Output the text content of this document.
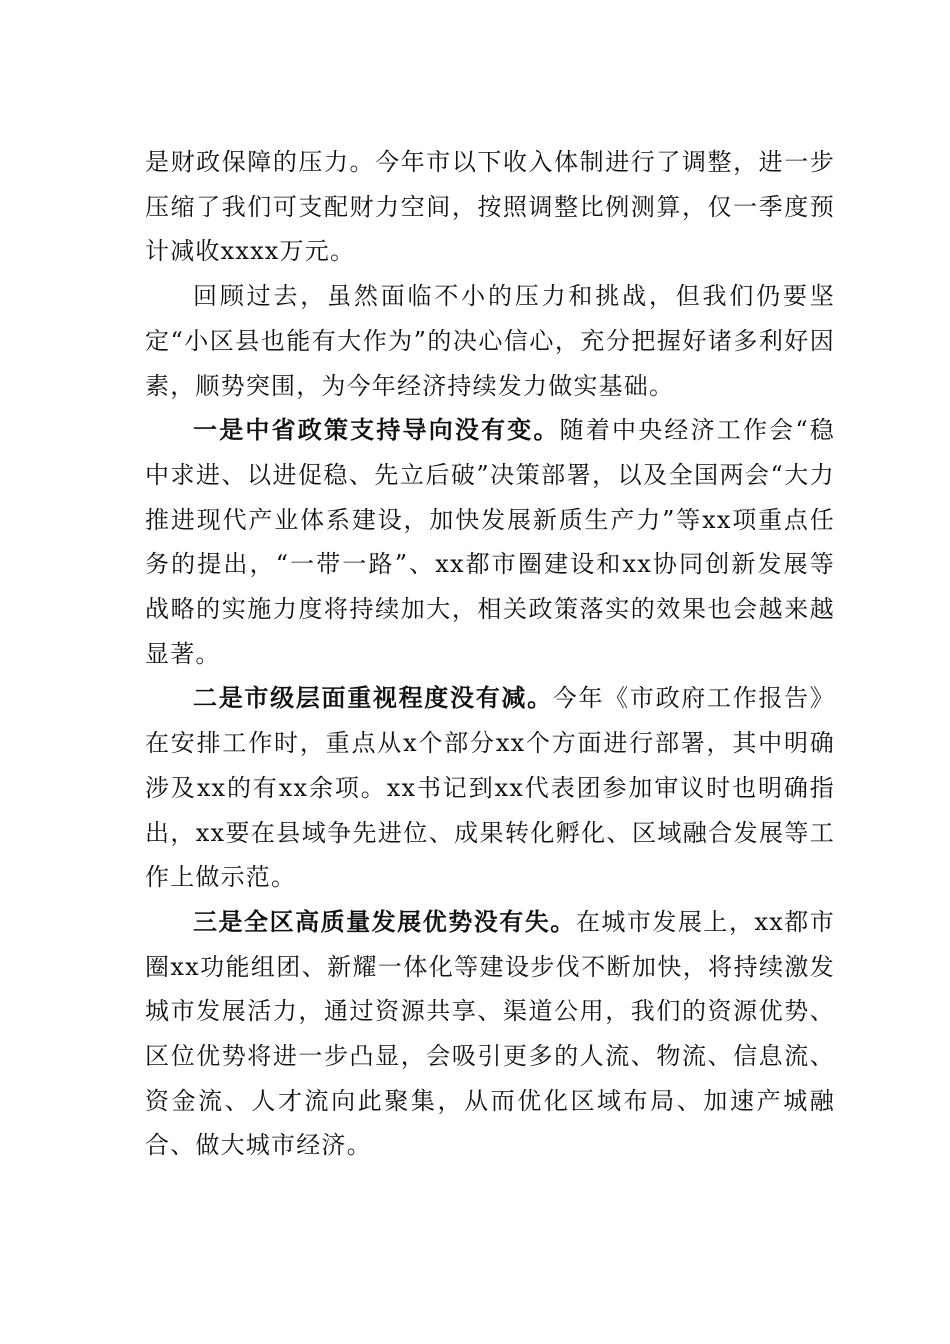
是财政保障的压力。今年市以下收入体制进行了调整，进一步压缩了我们可支配财力空间，按照调整比例测算，仅一季度预计减收xxxx万元。

回顾过去，虽然面临不小的压力和挑战，但我们仍要坚定“小区县也能有大作为”的决心信心，充分把握好诸多利好因素，顺势突围，为今年经济持续发力做实基础。

一是中省政策支持导向没有变。随着中央经济工作会“稳中求进、以进促稳、先立后破”决策部署，以及全国两会“大力推进现代产业体系建设，加快发展新质生产力”等xx项重点任务的提出，“一带一路”、xx都市圈建设和xx协同创新发展等战略的实施力度将持续加大，相关政策落实的效果也会越来越显著。

二是市级层面重视程度没有减。今年《市政府工作报告》在安排工作时，重点从x个部分xx个方面进行部署，其中明确涉及xx的有xx余项。xx书记到xx代表团参加审议时也明确指出，xx要在县域争先进位、成果转化孵化、区域融合发展等工作上做示范。

三是全区高质量发展优势没有失。在城市发展上，xx都市圈xx功能组团、新耀一体化等建设步伐不断加快，将持续激发城市发展活力，通过资源共享、渠道公用，我们的资源优势、区位优势将进一步凸显，会吸引更多的人流、物流、信息流、资金流、人才流向此聚集，从而优化区域布局、加速产城融合、做大城市经济。
